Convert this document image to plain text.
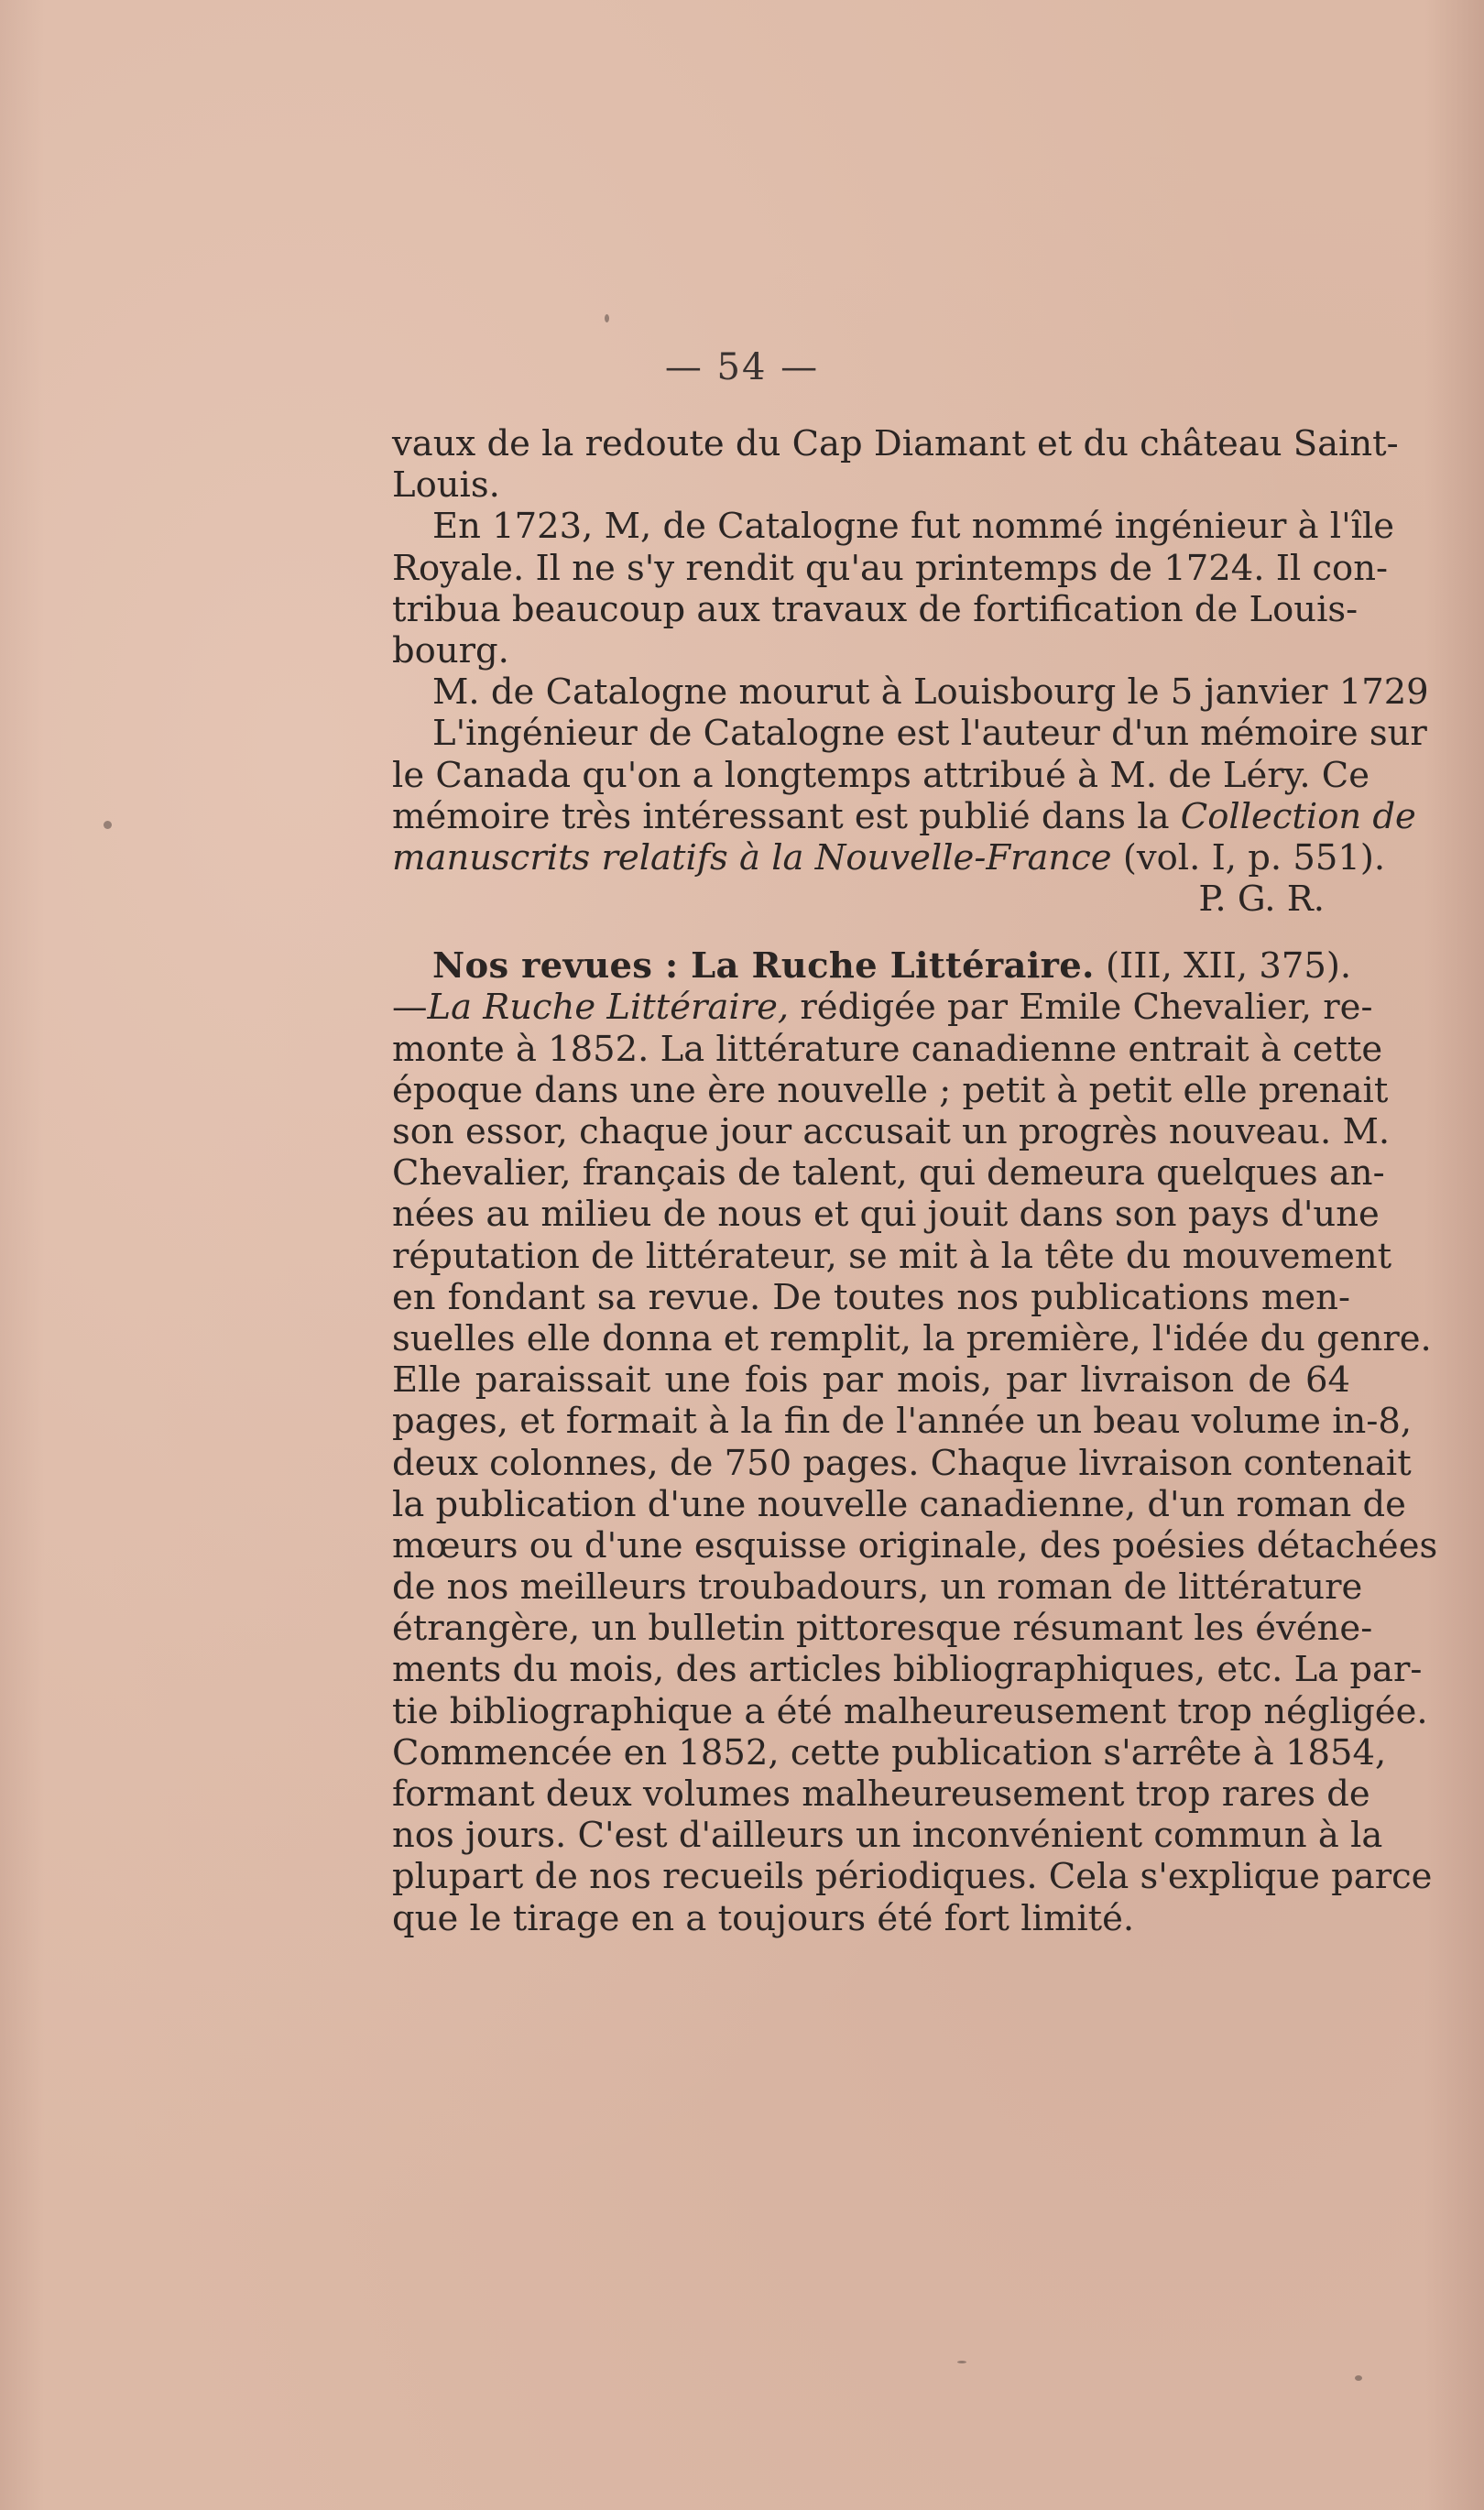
— 54 —
vaux de la redoute du Cap Diamant et du château Saint-
Louis.
En 1723, M, de Catalogne fut nommé ingénieur à l'île
Royale. Il ne s'y rendit qu'au printemps de 1724. Il con-
tribua beaucoup aux travaux de fortification de Louis-
bourg.
M. de Catalogne mourut à Louisbourg le 5 janvier 1729
L'ingénieur de Catalogne est l'auteur d'un mémoire sur
le Canada qu'on a longtemps attribué à M. de Léry. Ce
mémoire très intéressant est publié dans la Collection de
manuscrits relatifs à la Nouvelle-France (vol. I, p. 551).
P. G. R.
Nos revues : La Ruche Littéraire. (III, XII, 375).
—La Ruche Littéraire, rédigée par Emile Chevalier, re-
monte à 1852. La littérature canadienne entrait à cette
époque dans une ère nouvelle ; petit à petit elle prenait
son essor, chaque jour accusait un progrès nouveau. M.
Chevalier, français de talent, qui demeura quelques an-
nées au milieu de nous et qui jouit dans son pays d'une
réputation de littérateur, se mit à la tête du mouvement
en fondant sa revue. De toutes nos publications men-
suelles elle donna et remplit, la première, l'idée du genre.
Elle paraissait une fois par mois, par livraison de 64
pages, et formait à la fin de l'année un beau volume in-8,
deux colonnes, de 750 pages. Chaque livraison contenait
la publication d'une nouvelle canadienne, d'un roman de
mœurs ou d'une esquisse originale, des poésies détachées
de nos meilleurs troubadours, un roman de littérature
étrangère, un bulletin pittoresque résumant les événe-
ments du mois, des articles bibliographiques, etc. La par-
tie bibliographique a été malheureusement trop négligée.
Commencée en 1852, cette publication s'arrête à 1854,
formant deux volumes malheureusement trop rares de
nos jours. C'est d'ailleurs un inconvénient commun à la
plupart de nos recueils périodiques. Cela s'explique parce
que le tirage en a toujours été fort limité.
